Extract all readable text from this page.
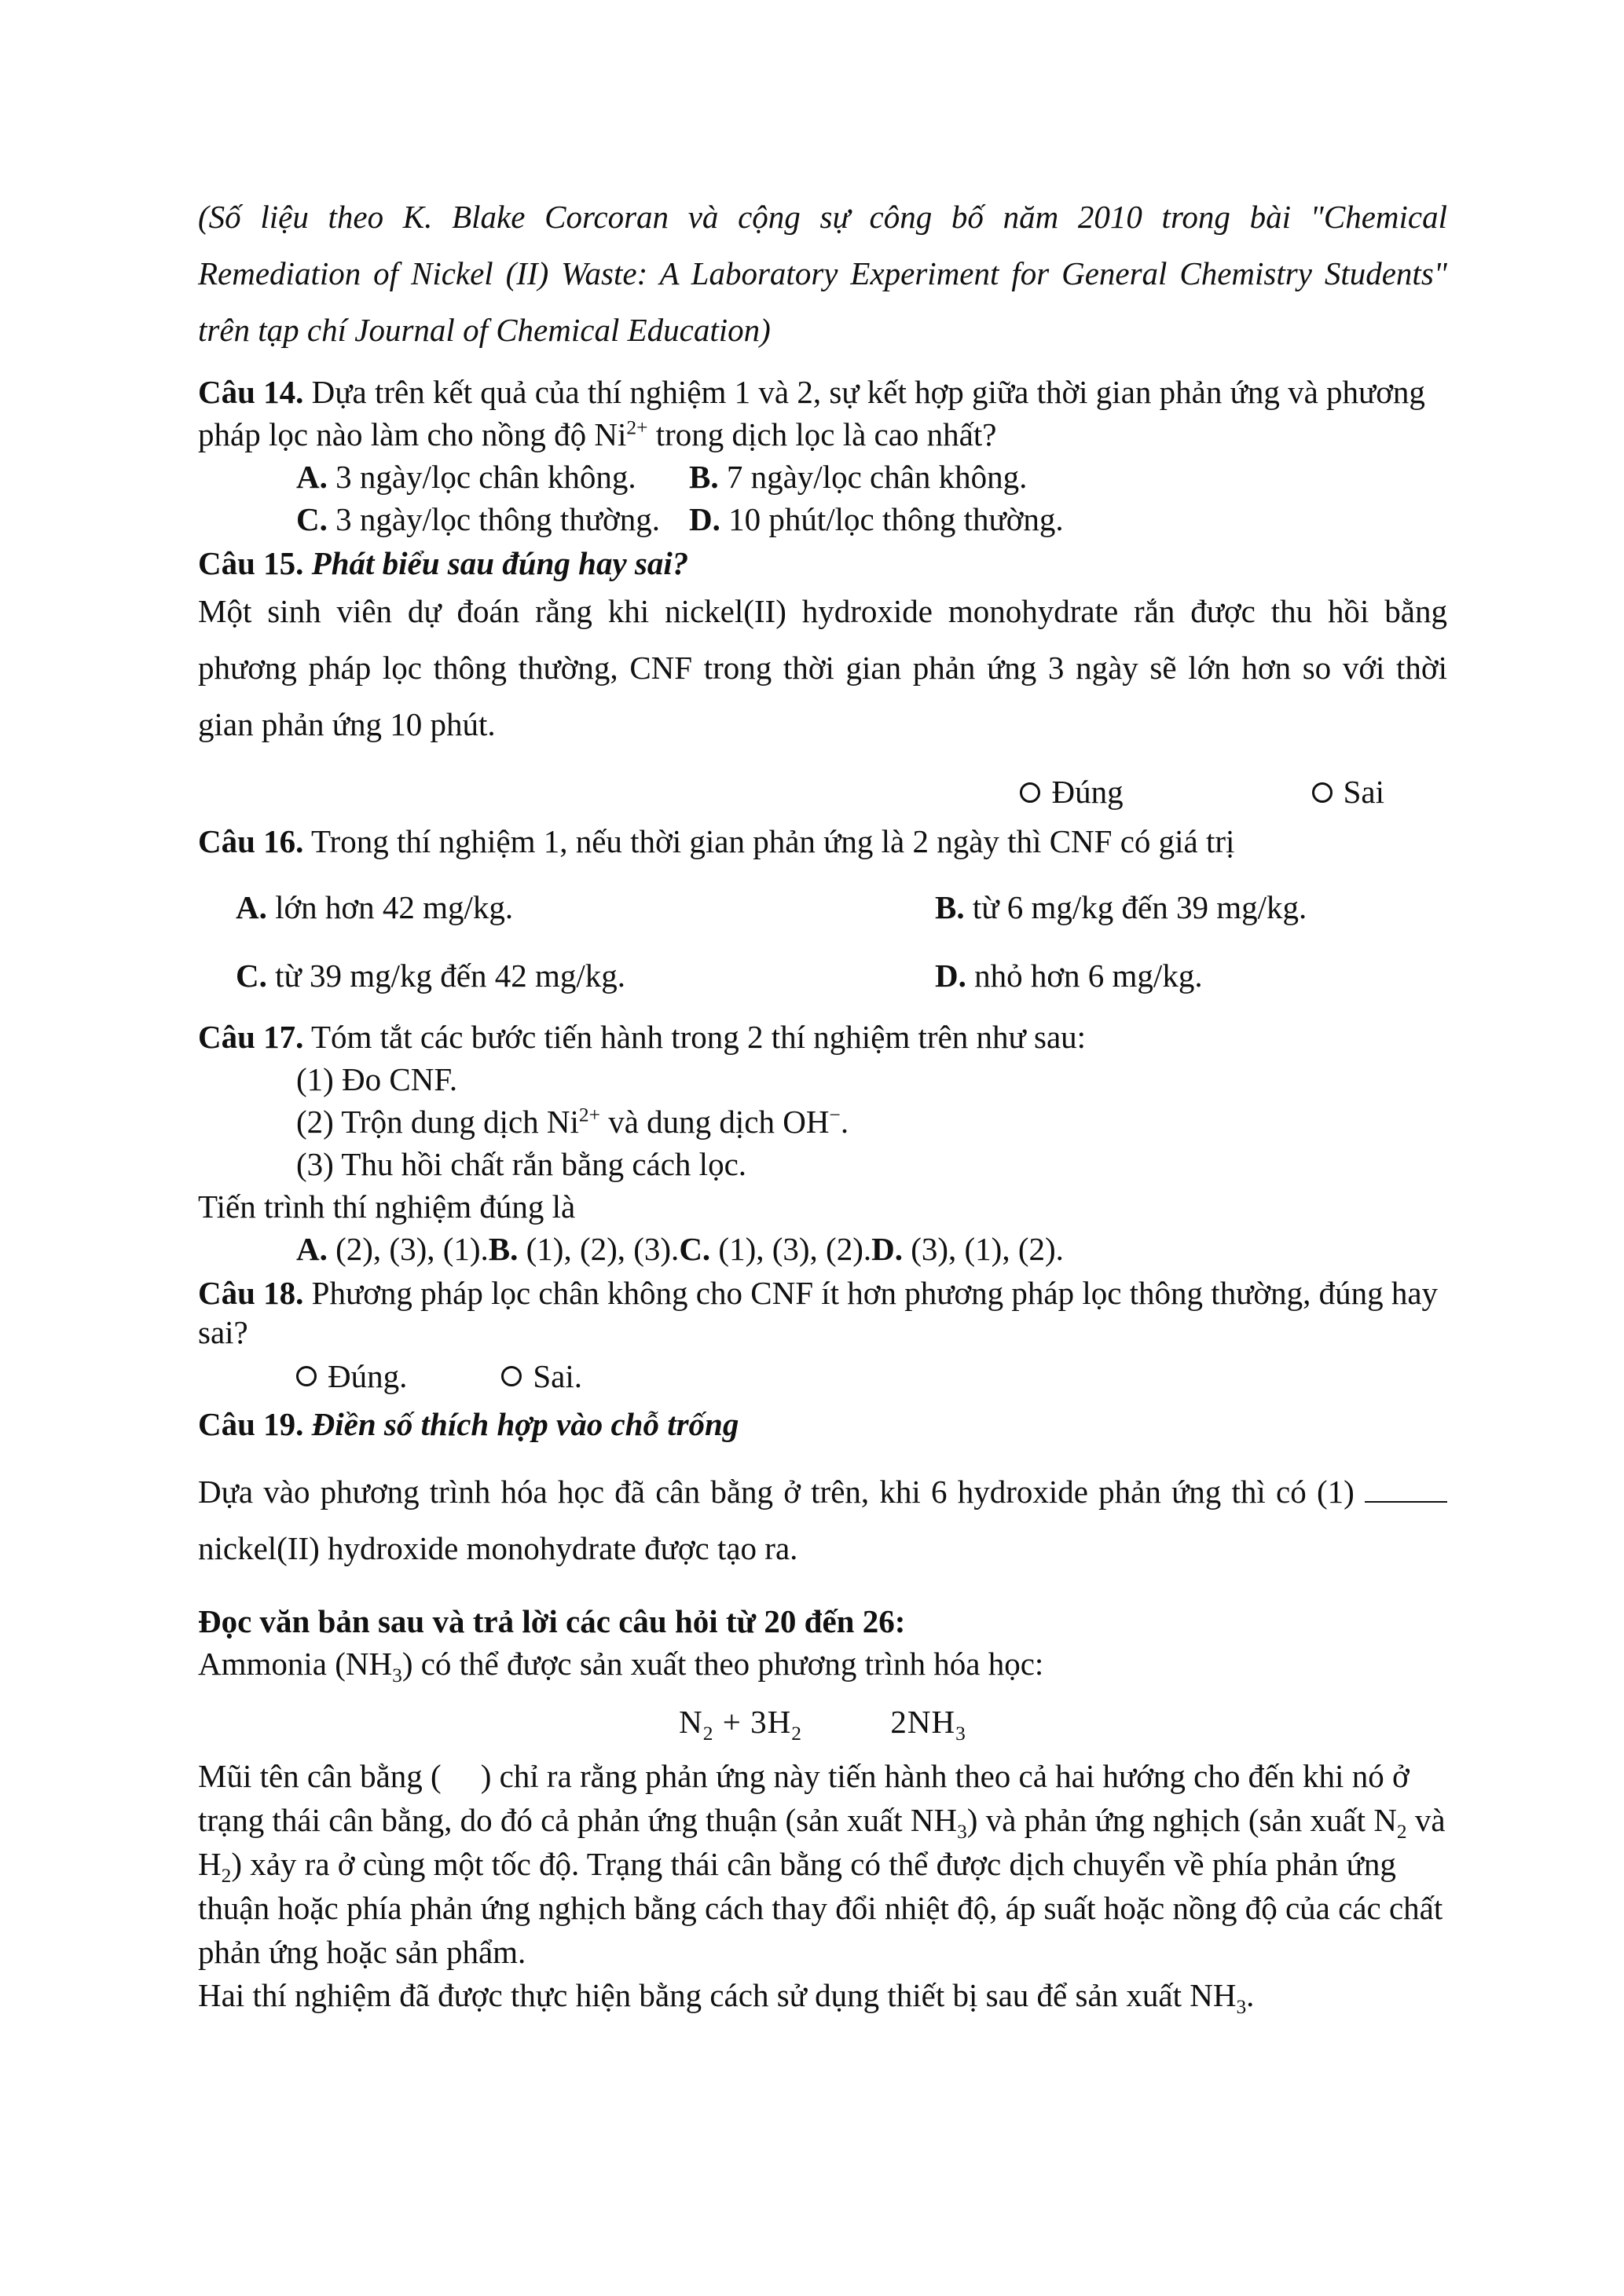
(Số liệu theo K. Blake Corcoran và cộng sự công bố năm 2010 trong bài "Chemical Remediation of Nickel (II) Waste: A Laboratory Experiment for General Chemistry Students" trên tạp chí Journal of Chemical Education)

Câu 14. Dựa trên kết quả của thí nghiệm 1 và 2, sự kết hợp giữa thời gian phản ứng và phương pháp lọc nào làm cho nồng độ $Ni^{2+}$ trong dịch lọc là cao nhất?

A. 3 ngày/lọc chân không.	B. 7 ngày/lọc chân không.
C. 3 ngày/lọc thông thường. D. 10 phút/lọc thông thường.

Câu 15. Phát biểu sau đúng hay sai?

Một sinh viên dự đoán rằng khi nickel(II) hydroxide monohydrate rắn được thu hồi bằng phương pháp lọc thông thường, CNF trong thời gian phản ứng 3 ngày sẽ lớn hơn so với thời gian phản ứng 10 phút.

Đúng	Sai

Câu 16. Trong thí nghiệm 1, nếu thời gian phản ứng là 2 ngày thì CNF có giá trị

A. lớn hơn 42 mg/kg.	B. từ 6 mg/kg đến 39 mg/kg.
C. từ 39 mg/kg đến 42 mg/kg.	D. nhỏ hơn 6 mg/kg.

Câu 17. Tóm tắt các bước tiến hành trong 2 thí nghiệm trên như sau:

(1) Đo CNF.

(2) Trộn dung dịch $Ni^{2+}$ và dung dịch OH−.

(3) Thu hồi chất rắn bằng cách lọc.

Tiến trình thí nghiệm đúng là

A. (2), (3), (1).B. (1), (2), (3).C. (1), (3), (2).D. (3), (1), (2).

Câu 18. Phương pháp lọc chân không cho CNF ít hơn phương pháp lọc thông thường, đúng hay sai?

Đúng.	Sai.

Câu 19. Điền số thích hợp vào chỗ trống

Dựa vào phương trình hóa học đã cân bằng ở trên, khi 6 hydroxide phản ứng thì có (1)  nickel(II) hydroxide monohydrate được tạo ra.

Đọc văn bản sau và trả lời các câu hỏi từ 20 đến 26:

Ammonia $(NH_3)$ có thể được sản xuất theo phương trình hóa học:

$N_2 + 3H_2$	$2NH_3$

Mũi tên cân bằng ( ) chỉ ra rằng phản ứng này tiến hành theo cả hai hướng cho đến khi nó ở trạng thái cân bằng, do đó cả phản ứng thuận (sản xuất $NH_3$) và phản ứng nghịch (sản xuất $N_2$ và $H_2$) xảy ra ở cùng một tốc độ. Trạng thái cân bằng có thể được dịch chuyển về phía phản ứng thuận hoặc phía phản ứng nghịch bằng cách thay đổi nhiệt độ, áp suất hoặc nồng độ của các chất phản ứng hoặc sản phẩm.

Hai thí nghiệm đã được thực hiện bằng cách sử dụng thiết bị sau để sản xuất $NH_3$.
